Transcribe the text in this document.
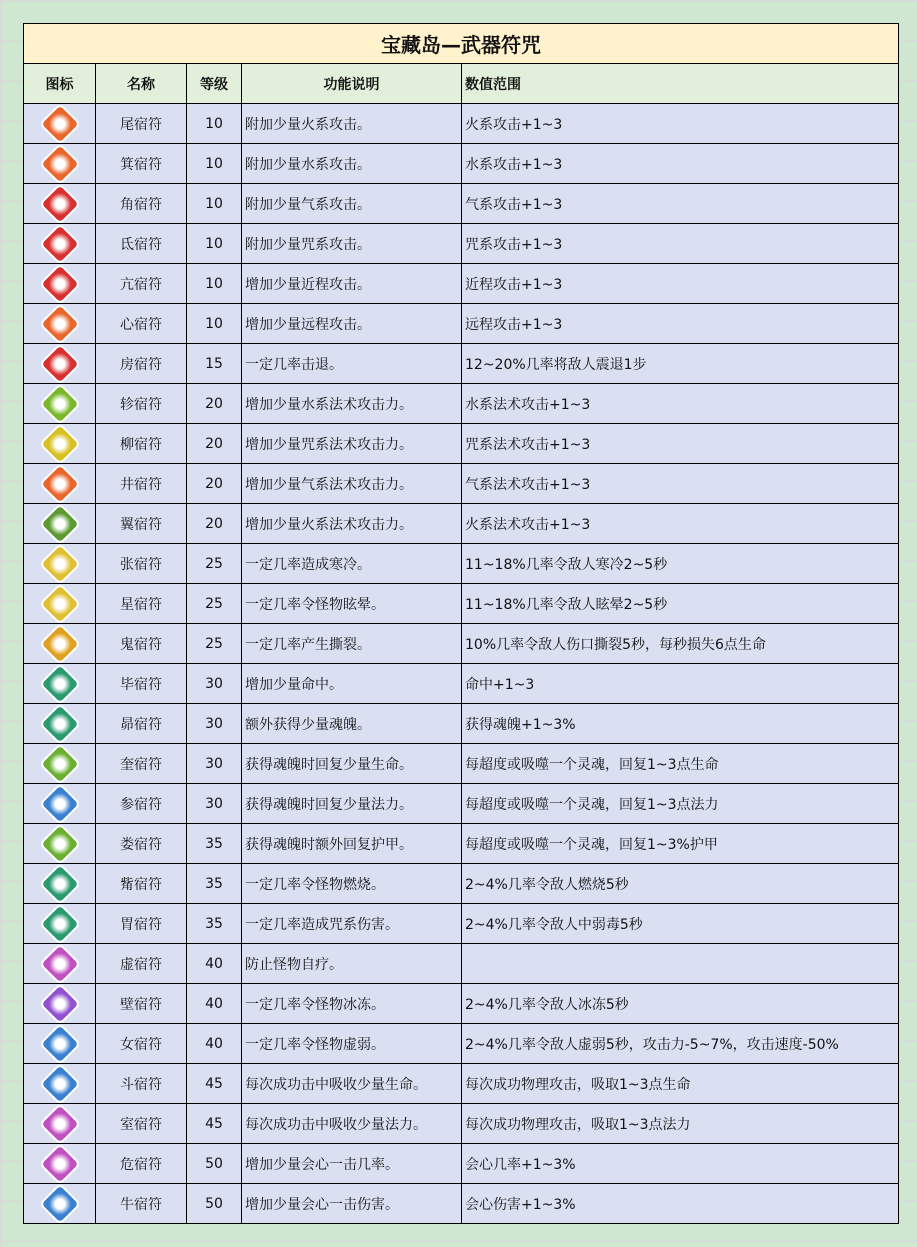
宝藏岛—武器符咒				
图标	名称	等级	功能说明	数值范围
	尾宿符	10	附加少量火系攻击。	火系攻击+1~3
	箕宿符	10	附加少量水系攻击。	水系攻击+1~3
	角宿符	10	附加少量气系攻击。	气系攻击+1~3
	氐宿符	10	附加少量咒系攻击。	咒系攻击+1~3
	亢宿符	10	增加少量近程攻击。	近程攻击+1~3
	心宿符	10	增加少量远程攻击。	远程攻击+1~3
	房宿符	15	一定几率击退。	12~20%几率将敌人震退1步
	轸宿符	20	增加少量水系法术攻击力。	水系法术攻击+1~3
	柳宿符	20	增加少量咒系法术攻击力。	咒系法术攻击+1~3
	井宿符	20	增加少量气系法术攻击力。	气系法术攻击+1~3
	翼宿符	20	增加少量火系法术攻击力。	火系法术攻击+1~3
	张宿符	25	一定几率造成寒冷。	11~18%几率令敌人寒冷2~5秒
	星宿符	25	一定几率令怪物眩晕。	11~18%几率令敌人眩晕2~5秒
	鬼宿符	25	一定几率产生撕裂。	10%几率令敌人伤口撕裂5秒，每秒损失6点生命
	毕宿符	30	增加少量命中。	命中+1~3
	昴宿符	30	额外获得少量魂魄。	获得魂魄+1~3%
	奎宿符	30	获得魂魄时回复少量生命。	每超度或吸噬一个灵魂，回复1~3点生命
	参宿符	30	获得魂魄时回复少量法力。	每超度或吸噬一个灵魂，回复1~3点法力
	娄宿符	35	获得魂魄时额外回复护甲。	每超度或吸噬一个灵魂，回复1~3%护甲
	觜宿符	35	一定几率令怪物燃烧。	2~4%几率令敌人燃烧5秒
	胃宿符	35	一定几率造成咒系伤害。	2~4%几率令敌人中弱毒5秒
	虚宿符	40	防止怪物自疗。	
	壁宿符	40	一定几率令怪物冰冻。	2~4%几率令敌人冰冻5秒
	女宿符	40	一定几率令怪物虚弱。	2~4%几率令敌人虚弱5秒，攻击力-5~7%，攻击速度-50%
	斗宿符	45	每次成功击中吸收少量生命。	每次成功物理攻击，吸取1~3点生命
	室宿符	45	每次成功击中吸收少量法力。	每次成功物理攻击，吸取1~3点法力
	危宿符	50	增加少量会心一击几率。	会心几率+1~3%
	牛宿符	50	增加少量会心一击伤害。	会心伤害+1~3%
